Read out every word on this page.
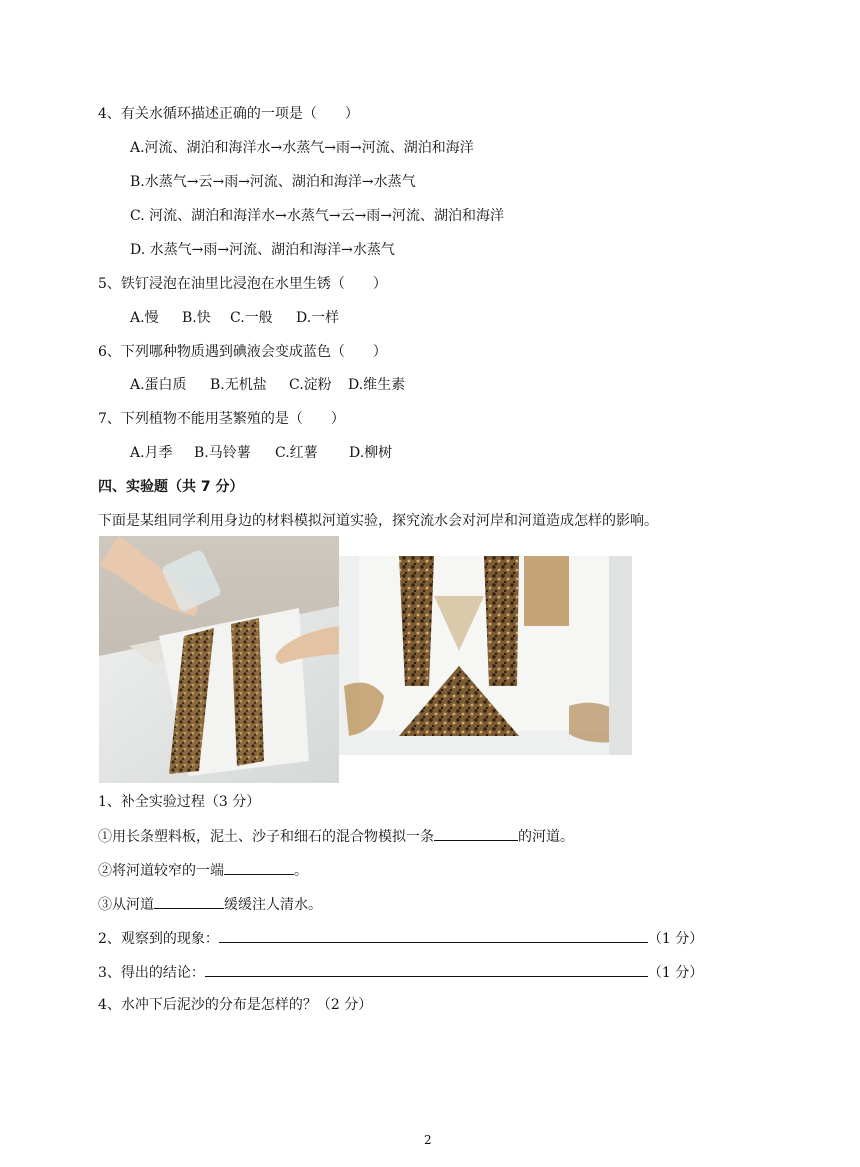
4、有关水循环描述正确的一项是（　　）
A.河流、湖泊和海洋水→水蒸气→雨→河流、湖泊和海洋
B.水蒸气→云→雨→河流、湖泊和海洋→水蒸气
C. 河流、湖泊和海洋水→水蒸气→云→雨→河流、湖泊和海洋
D. 水蒸气→雨→河流、湖泊和海洋→水蒸气
5、铁钉浸泡在油里比浸泡在水里生锈（　　）
A.慢 B.快 C.一般 D.一样
6、下列哪种物质遇到碘液会变成蓝色（　　）
A.蛋白质 B.无机盐 C.淀粉 D.维生素
7、下列植物不能用茎繁殖的是（　　）
A.月季 B.马铃薯 C.红薯 D.柳树
四、实验题（共 7 分）
下面是某组同学利用身边的材料模拟河道实验，探究流水会对河岸和河道造成怎样的影响。
1、补全实验过程（3 分）
①用长条塑料板，泥土、沙子和细石的混合物模拟一条	的河道。
②将河道较窄的一端	。
③从河道	缓缓注人清水。
2、观察到的现象：	（1 分）
3、得出的结论：	（1 分）
4、水冲下后泥沙的分布是怎样的？（2 分）
2
